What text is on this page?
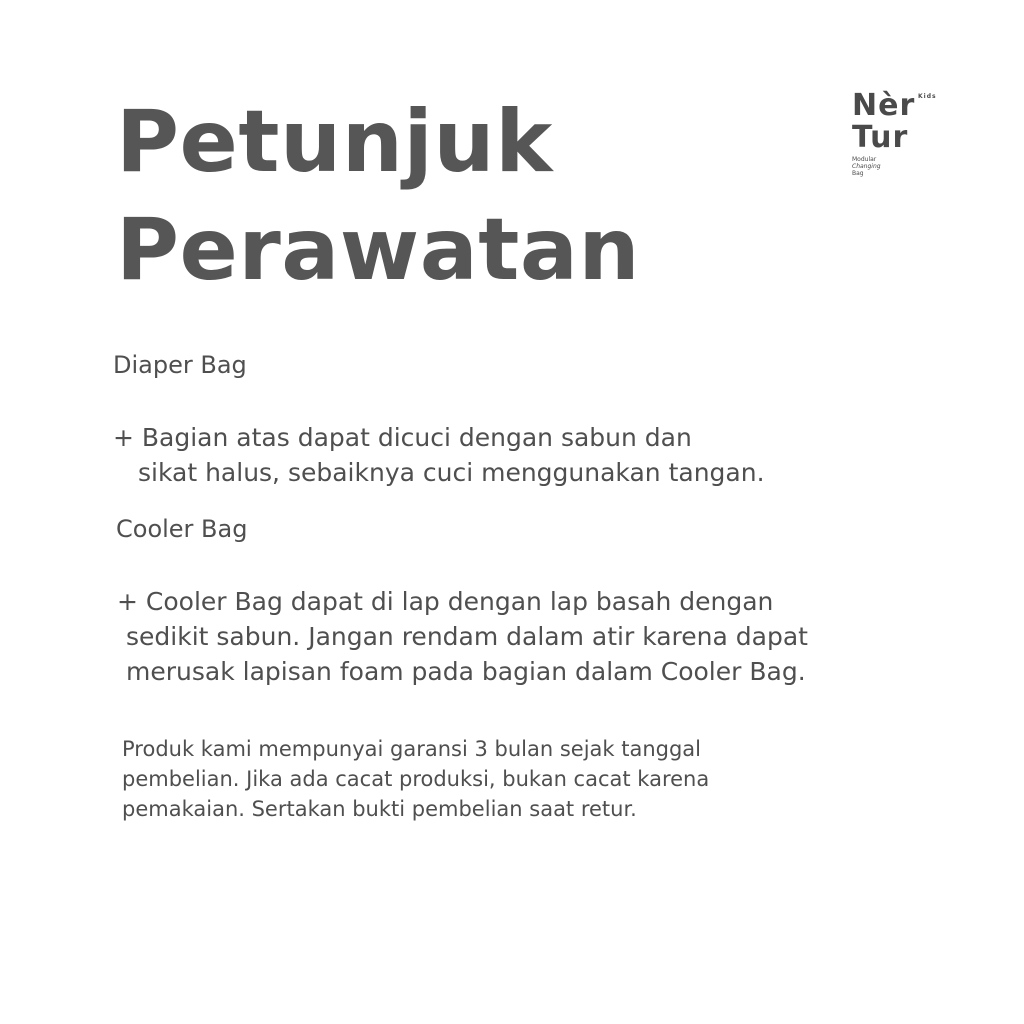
Petunjuk
Perawatan
Nèr Kids
Tur
Modular
Changing
Bag
Diaper Bag

+ Bagian atas dapat dicuci dengan sabun dan
sikat halus, sebaiknya cuci menggunakan tangan.

Cooler Bag

+ Cooler Bag dapat di lap dengan lap basah dengan
sedikit sabun. Jangan rendam dalam atir karena dapat
merusak lapisan foam pada bagian dalam Cooler Bag.

Produk kami mempunyai garansi 3 bulan sejak tanggal
pembelian. Jika ada cacat produksi, bukan cacat karena
pemakaian. Sertakan bukti pembelian saat retur.
